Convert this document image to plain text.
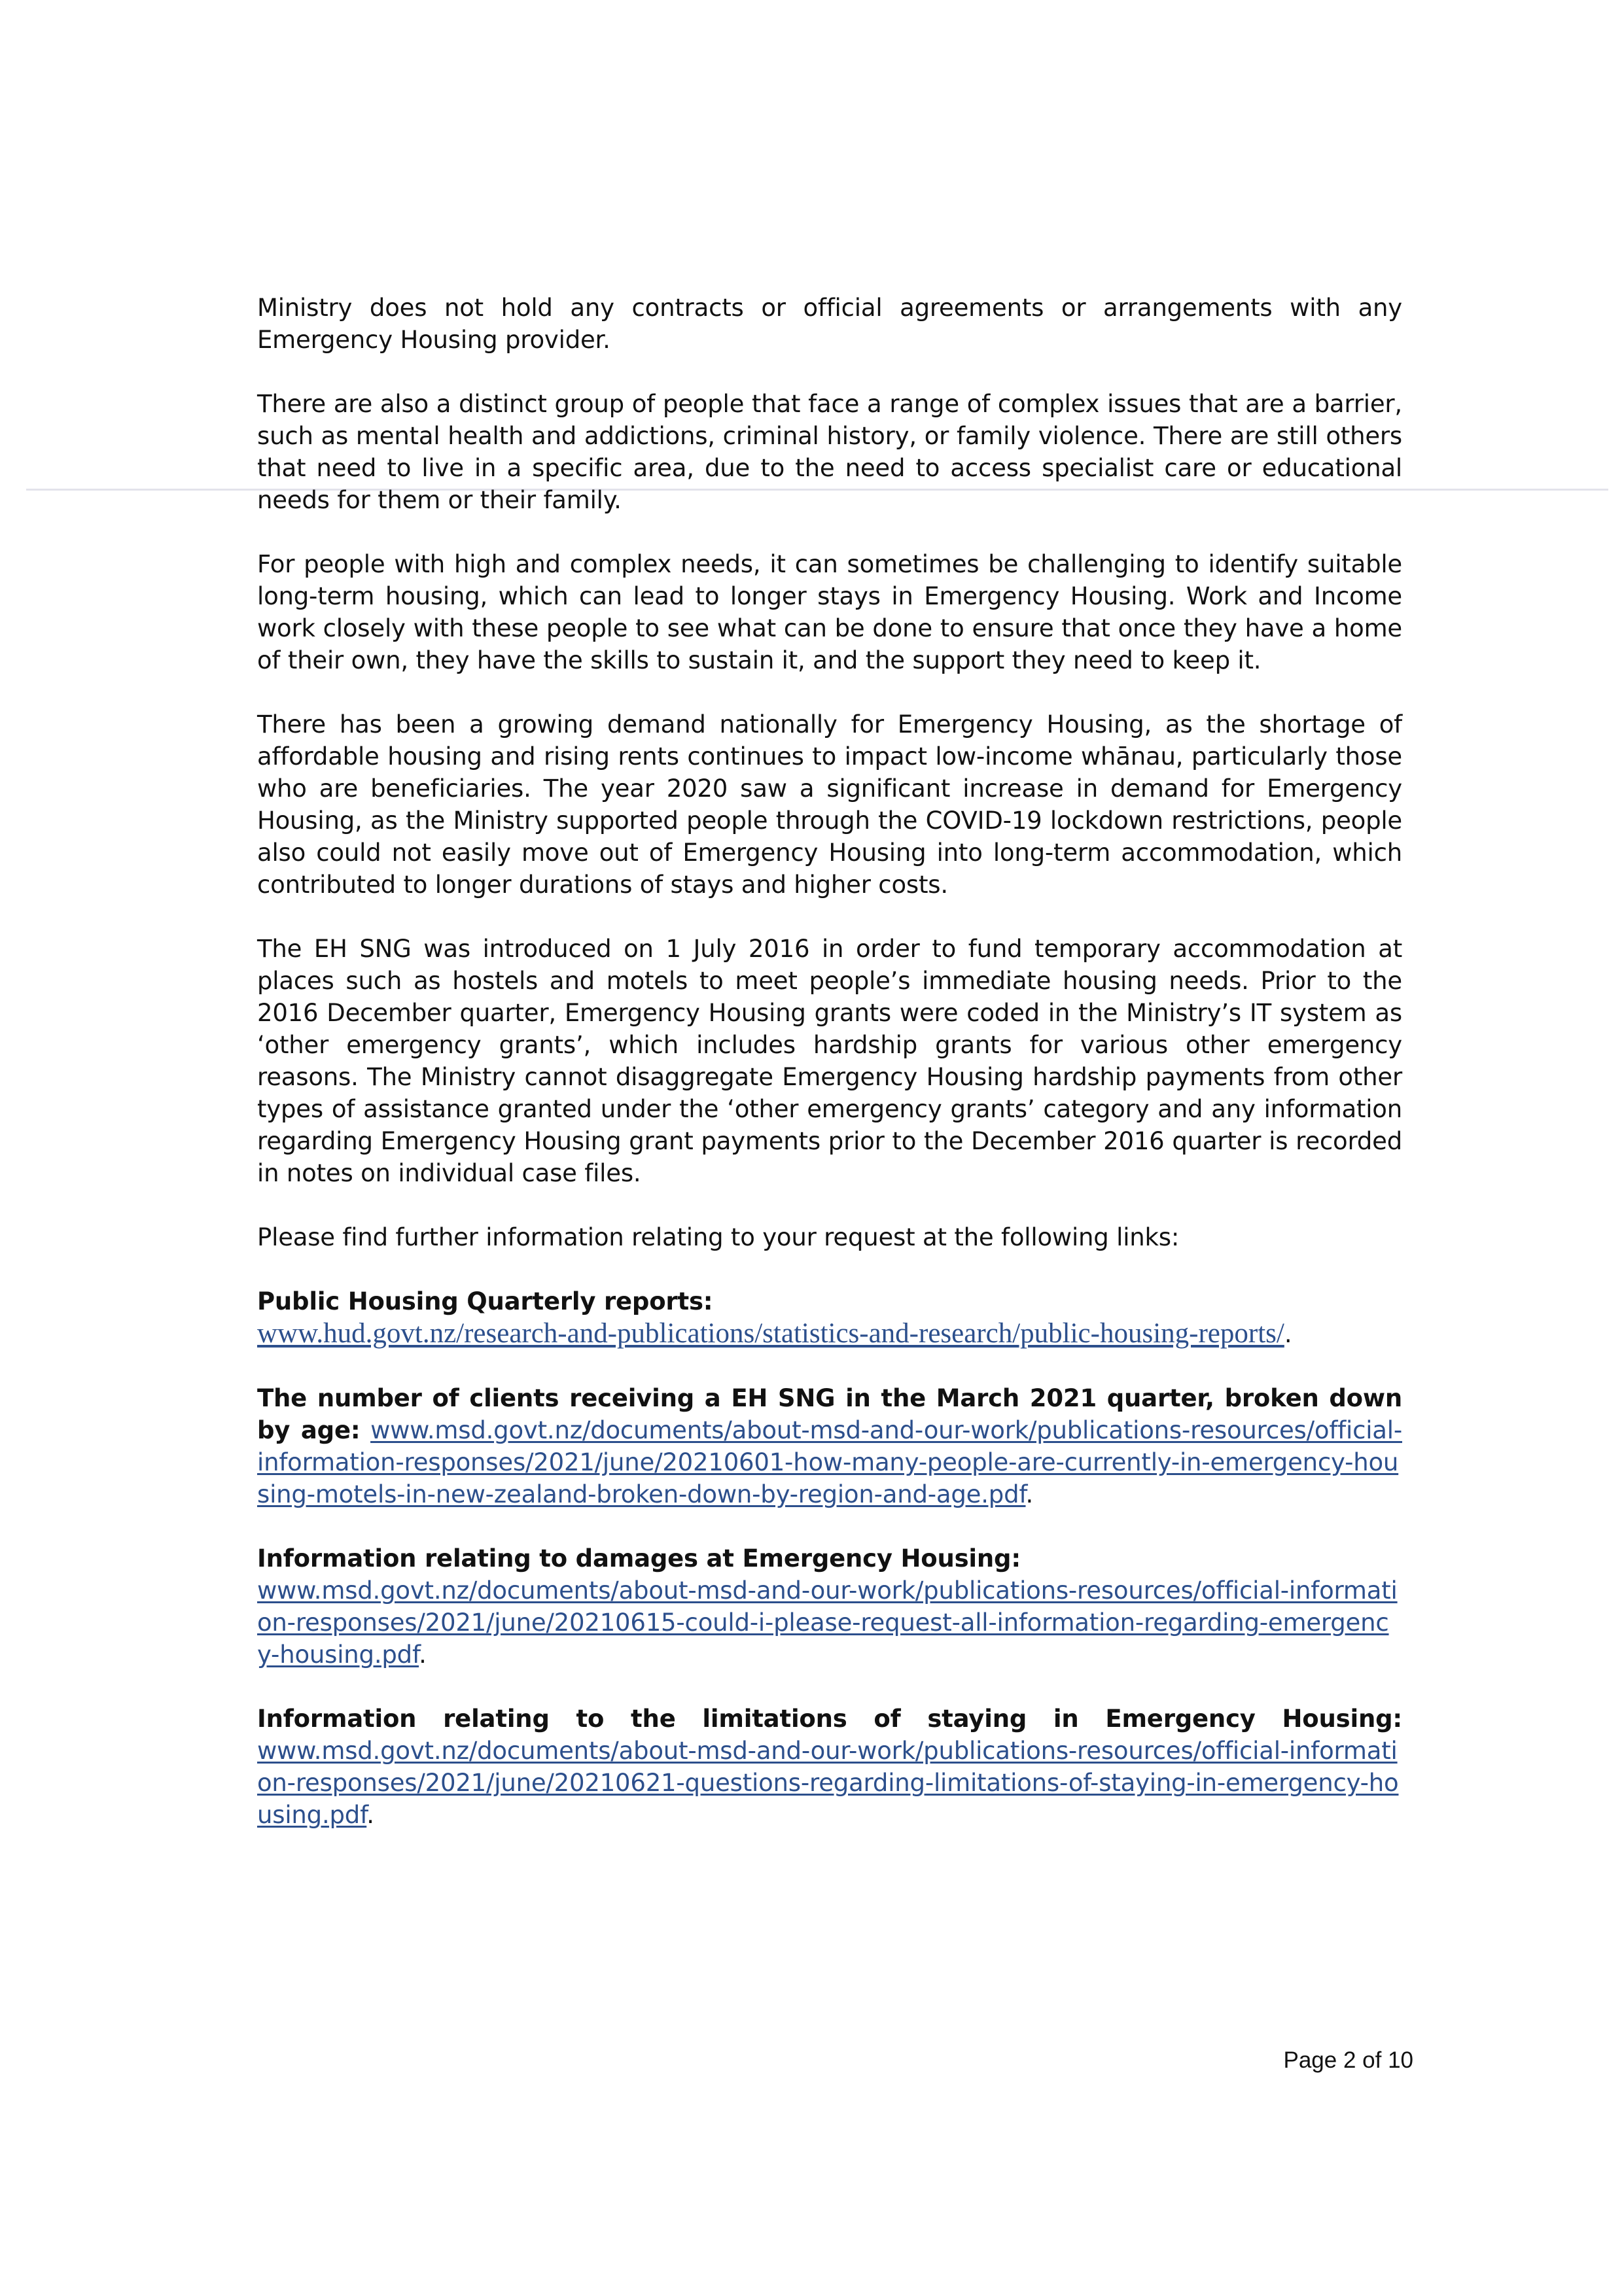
Ministry does not hold any contracts or official agreements or arrangements with any Emergency Housing provider.

There are also a distinct group of people that face a range of complex issues that are a barrier, such as mental health and addictions, criminal history, or family violence. There are still others that need to live in a specific area, due to the need to access specialist care or educational needs for them or their family.

For people with high and complex needs, it can sometimes be challenging to identify suitable long-term housing, which can lead to longer stays in Emergency Housing. Work and Income work closely with these people to see what can be done to ensure that once they have a home of their own, they have the skills to sustain it, and the support they need to keep it.

There has been a growing demand nationally for Emergency Housing, as the shortage of affordable housing and rising rents continues to impact low-income whānau, particularly those who are beneficiaries. The year 2020 saw a significant increase in demand for Emergency Housing, as the Ministry supported people through the COVID-19 lockdown restrictions, people also could not easily move out of Emergency Housing into long-term accommodation, which contributed to longer durations of stays and higher costs.

The EH SNG was introduced on 1 July 2016 in order to fund temporary accommodation at places such as hostels and motels to meet people’s immediate housing needs. Prior to the 2016 December quarter, Emergency Housing grants were coded in the Ministry’s IT system as ‘other emergency grants’, which includes hardship grants for various other emergency reasons. The Ministry cannot disaggregate Emergency Housing hardship payments from other types of assistance granted under the ‘other emergency grants’ category and any information regarding Emergency Housing grant payments prior to the December 2016 quarter is recorded in notes on individual case files.

Please find further information relating to your request at the following links:

Public Housing Quarterly reports:
www.hud.govt.nz/research-and-publications/statistics-and-research/public-housing-reports/.
The number of clients receiving a EH SNG in the March 2021 quarter, broken down by age: www.msd.govt.nz/documents/about-msd-and-our-work/publications-resources/official-information-responses/2021/june/20210601-how-many-people-are-currently-in-emergency-housing-motels-in-new-zealand-broken-down-by-region-and-age.pdf.
Information relating to damages at Emergency Housing:
www.msd.govt.nz/documents/about-msd-and-our-work/publications-resources/official-information-responses/2021/june/20210615-could-i-please-request-all-information-regarding-emergency-housing.pdf.
Information relating to the limitations of staying in Emergency Housing:
www.msd.govt.nz/documents/about-msd-and-our-work/publications-resources/official-information-responses/2021/june/20210621-questions-regarding-limitations-of-staying-in-emergency-housing.pdf.
Page 2 of 10
